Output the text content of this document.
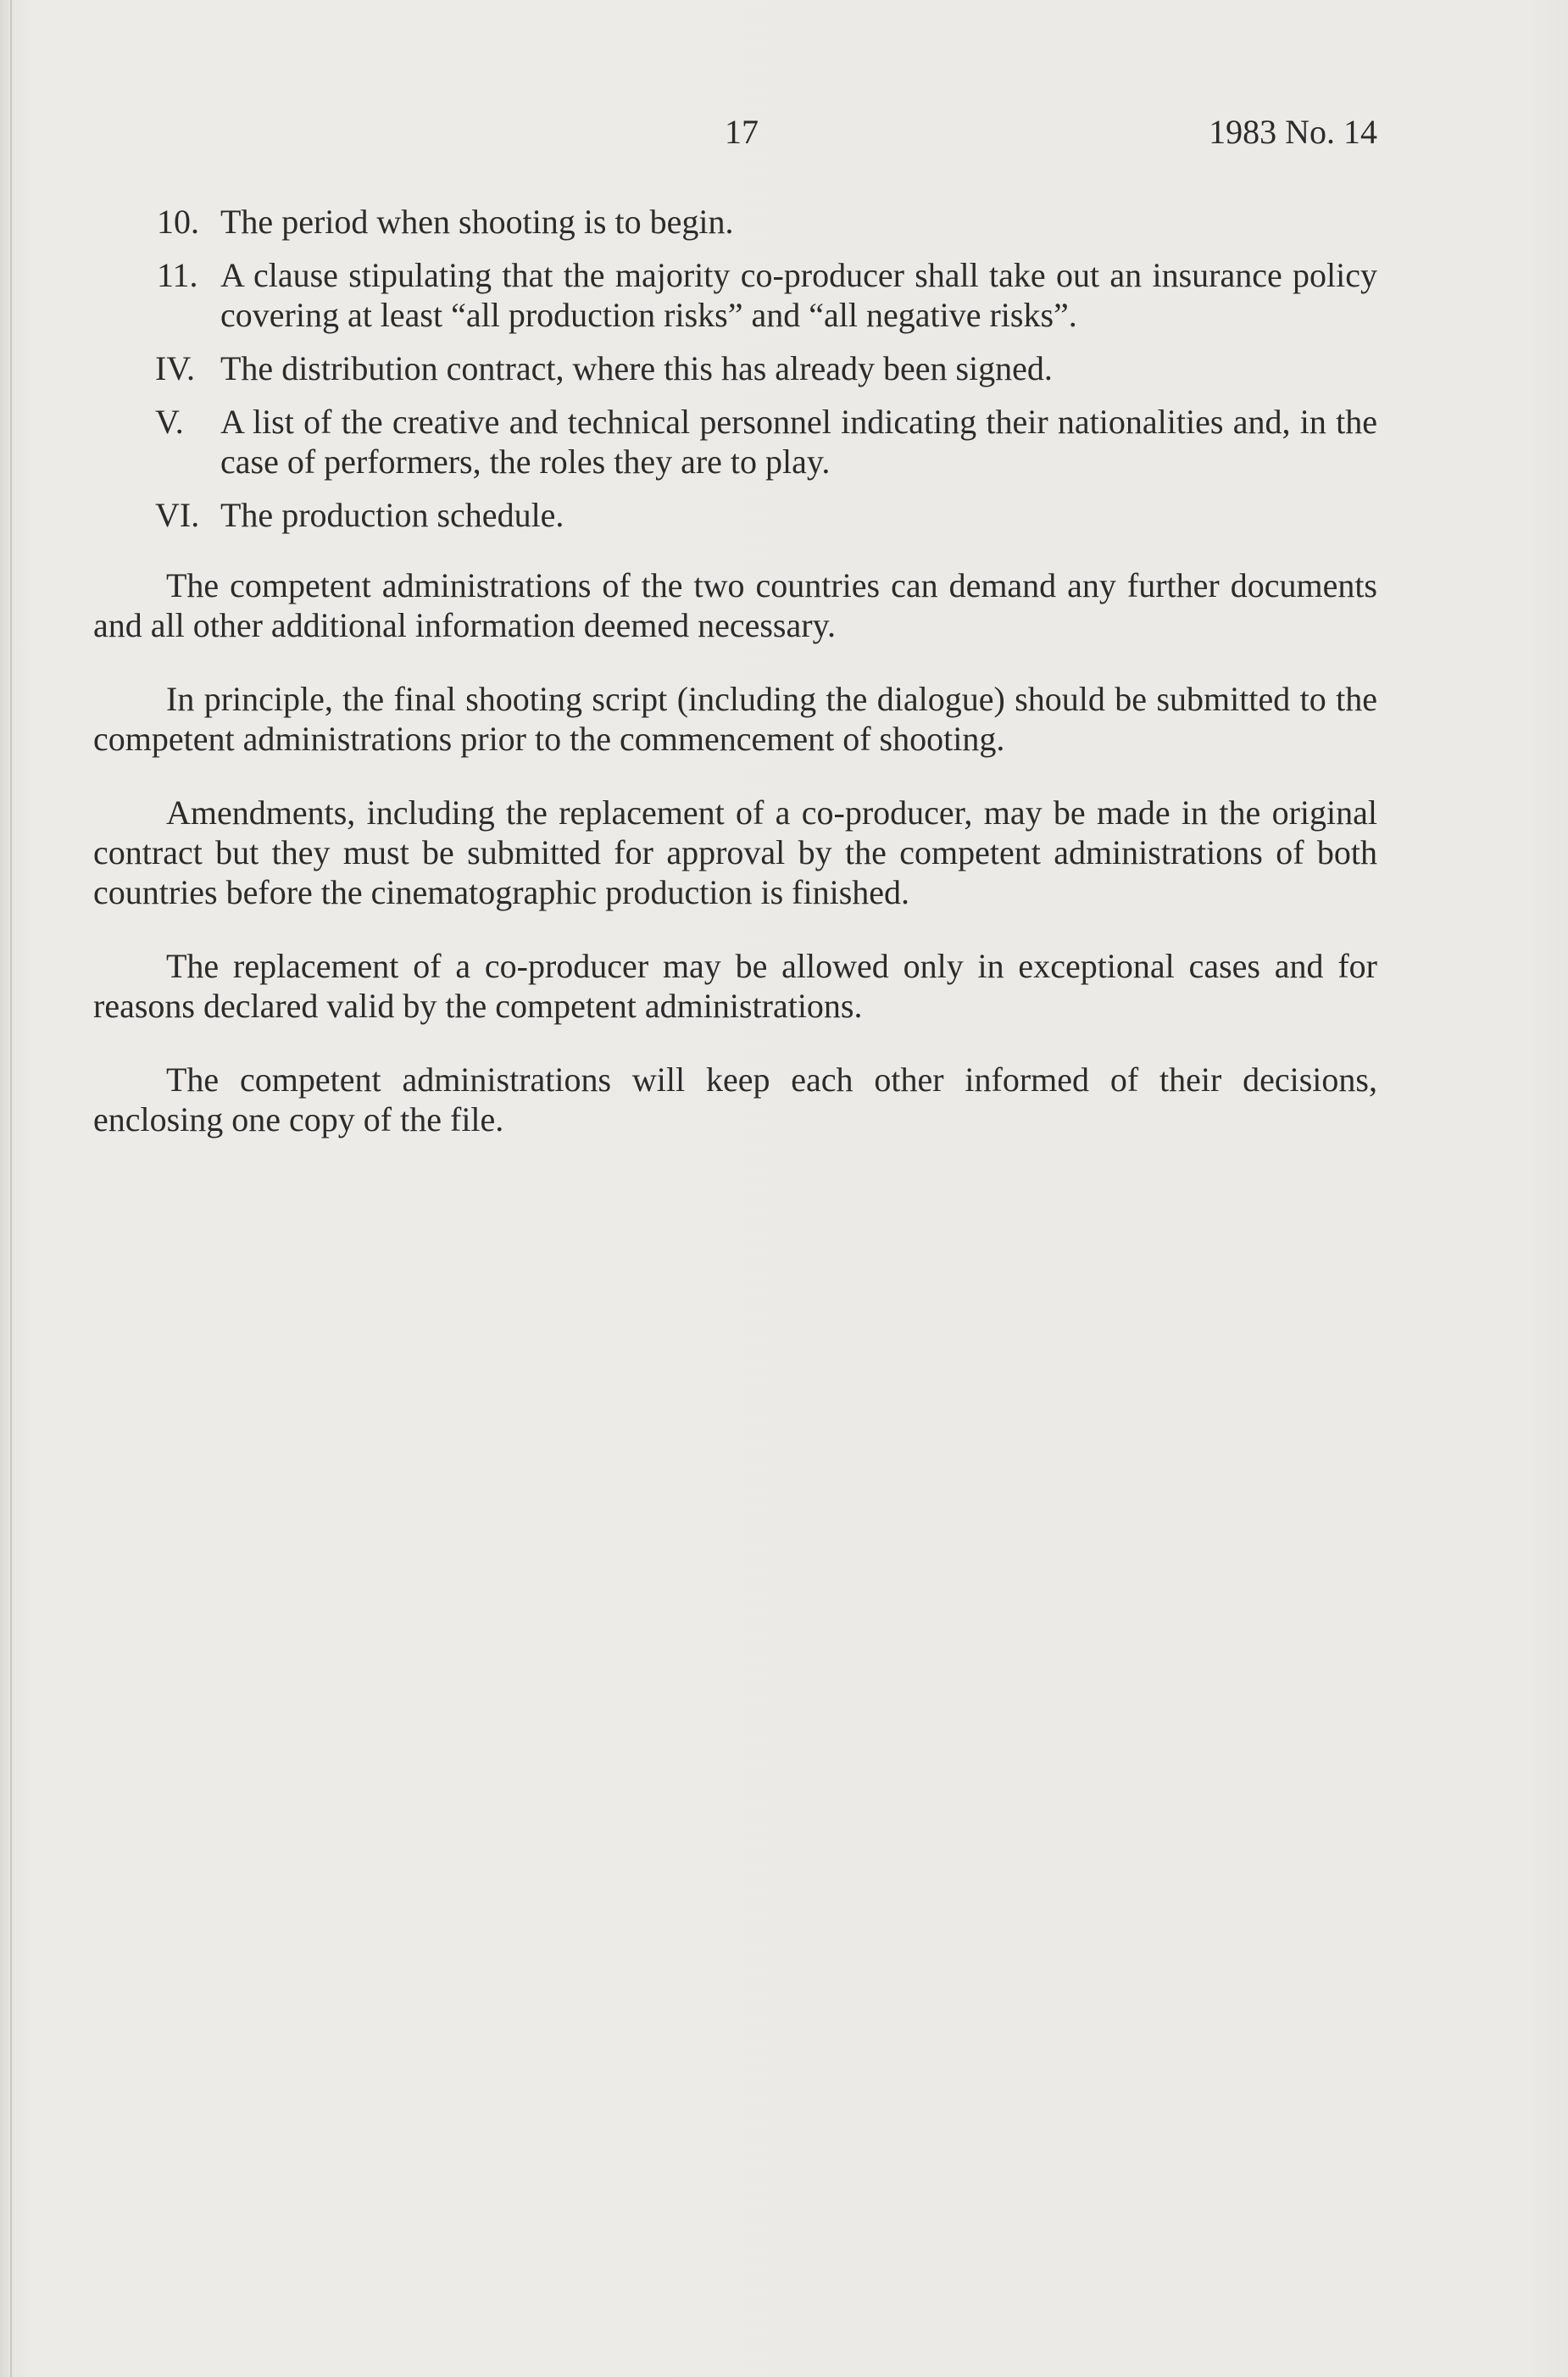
17	1983 No. 14
10. The period when shooting is to begin.
11. A clause stipulating that the majority co-producer shall take out an insurance policy covering at least “all production risks” and “all negative risks”.
IV. The distribution contract, where this has already been signed.
V.	A list of the creative and technical personnel indicating their nationalities and, in the case of performers, the roles they are to play.
VI. The production schedule.

The competent administrations of the two countries can demand any further documents and all other additional information deemed necessary.

In principle, the final shooting script (including the dialogue) should be submitted to the competent administrations prior to the commencement of shooting.

Amendments, including the replacement of a co-producer, may be made in the original contract but they must be submitted for approval by the competent administrations of both countries before the cinematographic production is finished.

The replacement of a co-producer may be allowed only in exceptional cases and for reasons declared valid by the competent administrations.

The competent administrations will keep each other informed of their decisions, enclosing one copy of the file.
